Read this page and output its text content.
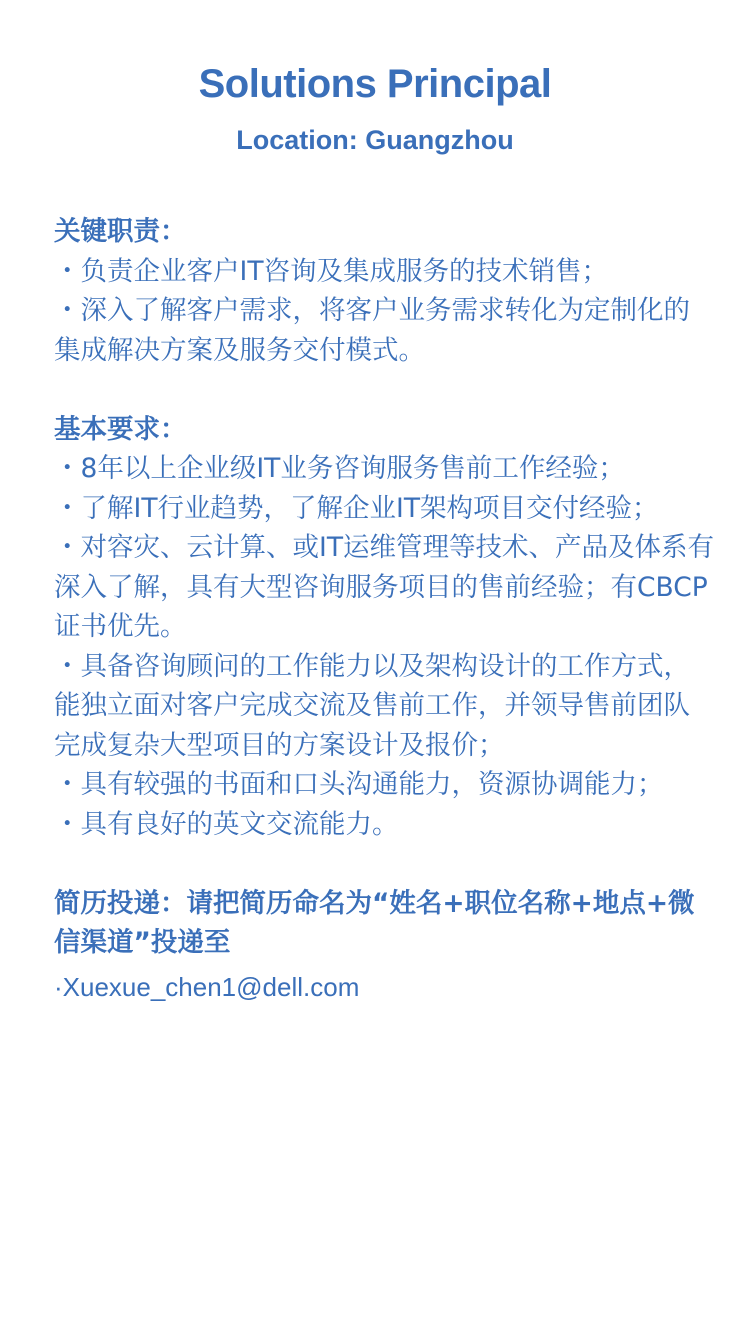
Solutions Principal
Location: Guangzhou

关键职责：

・负责企业客户IT咨询及集成服务的技术销售；

・深入了解客户需求，将客户业务需求转化为定制化的集成解决方案及服务交付模式。

基本要求：

・8年以上企业级IT业务咨询服务售前工作经验；

・了解IT行业趋势，了解企业IT架构项目交付经验；

・对容灾、云计算、或IT运维管理等技术、产品及体系有深入了解，具有大型咨询服务项目的售前经验；有CBCP证书优先。

・具备咨询顾问的工作能力以及架构设计的工作方式，能独立面对客户完成交流及售前工作，并领导售前团队完成复杂大型项目的方案设计及报价；

・具有较强的书面和口头沟通能力，资源协调能力；

・具有良好的英文交流能力。

简历投递：请把简历命名为“姓名+职位名称+地点+微信渠道”投递至

·Xuexue_chen1@dell.com
